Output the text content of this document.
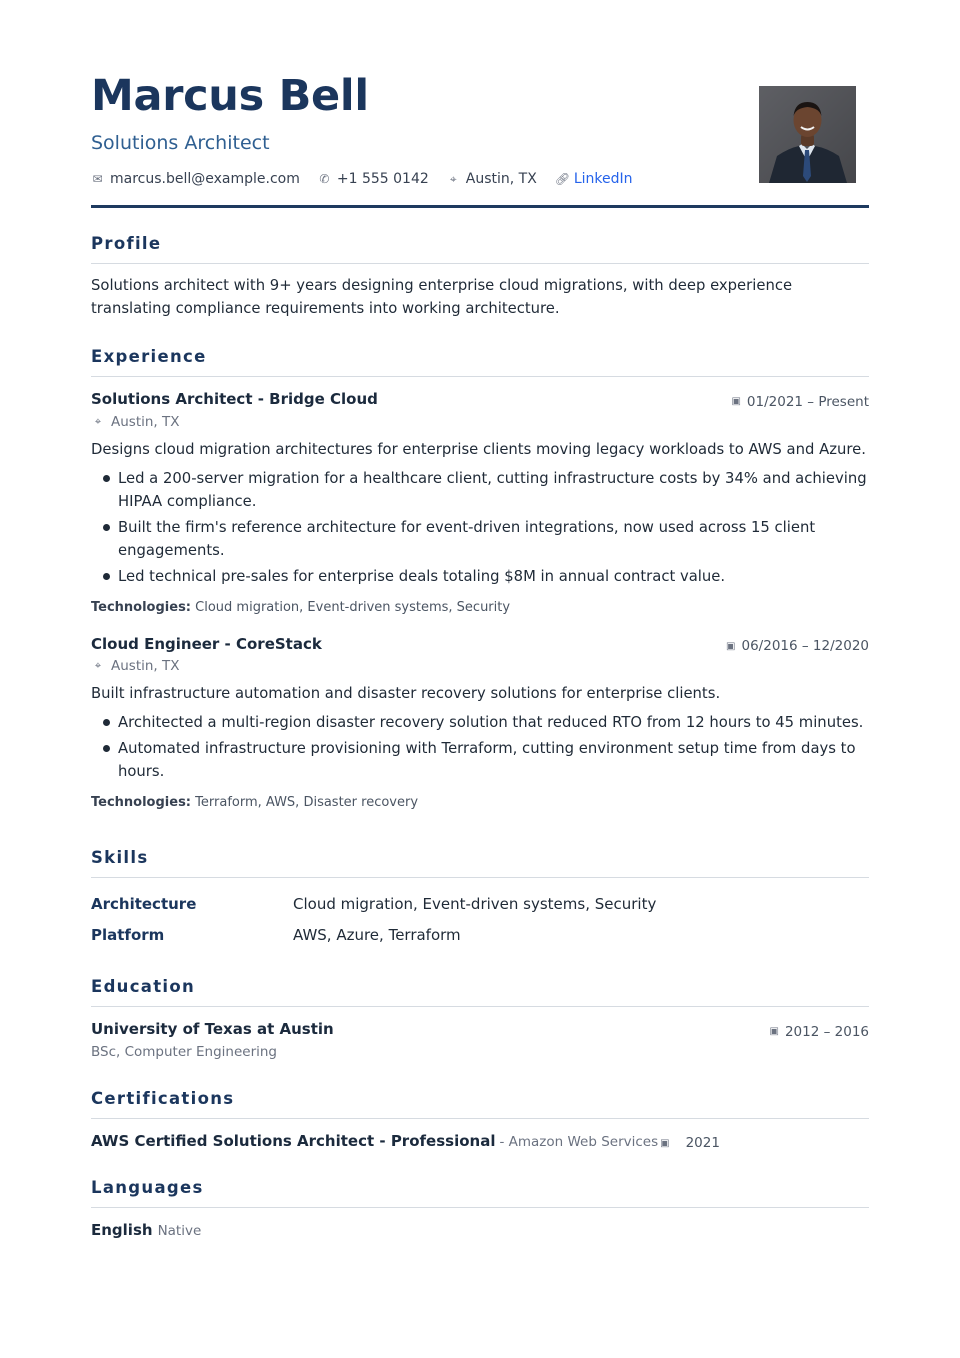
Marcus Bell
Solutions Architect
✉ marcus.bell@example.com ✆ +1 555 0142 ⌖ Austin, TX 🔗︎ LinkedIn
Profile
Solutions architect with 9+ years designing enterprise cloud migrations, with deep experience translating compliance requirements into working architecture.
Experience
Solutions Architect - Bridge Cloud	▣ 01/2021 – Present
⌖ Austin, TX
Designs cloud migration architectures for enterprise clients moving legacy workloads to AWS and Azure.
Led a 200-server migration for a healthcare client, cutting infrastructure costs by 34% and achieving HIPAA compliance.
Built the firm's reference architecture for event-driven integrations, now used across 15 client engagements.
Led technical pre-sales for enterprise deals totaling $8M in annual contract value.
Technologies: Cloud migration, Event-driven systems, Security
Cloud Engineer - CoreStack	▣ 06/2016 – 12/2020
⌖ Austin, TX
Built infrastructure automation and disaster recovery solutions for enterprise clients.
Architected a multi-region disaster recovery solution that reduced RTO from 12 hours to 45 minutes.
Automated infrastructure provisioning with Terraform, cutting environment setup time from days to hours.
Technologies: Terraform, AWS, Disaster recovery
Skills
Architecture	Cloud migration, Event-driven systems, Security
Platform	AWS, Azure, Terraform
Education
University of Texas at Austin	▣ 2012 – 2016
BSc, Computer Engineering
Certifications
AWS Certified Solutions Architect - Professional - Amazon Web Services ▣ 2021
Languages
English Native
